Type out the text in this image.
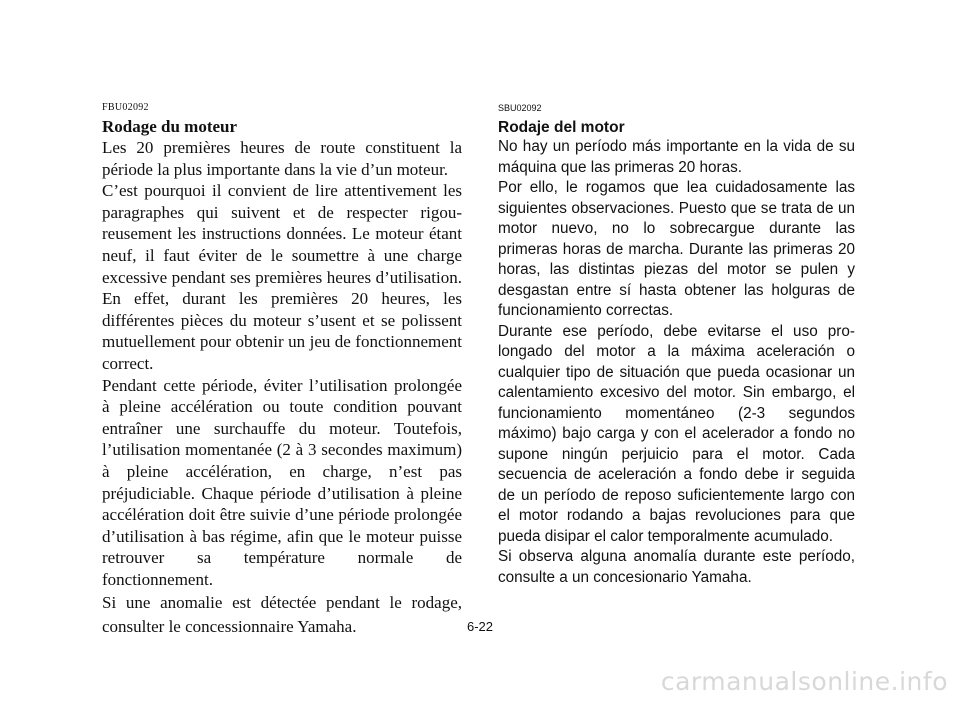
FBU02092
Rodage du moteur

Les 20 premières heures de route constituent la période la plus importante dans la vie d’un moteur.

C’est pourquoi il convient de lire attentivement les paragraphes qui suivent et de respecter rigoureusement les instructions données. Le moteur étant neuf, il faut éviter de le soumettre à une charge excessive pendant ses premières heures d’utilisation. En effet, durant les premières 20 heures, les différentes pièces du moteur s’usent et se polissent mutuellement pour obtenir un jeu de fonctionnement correct.

Pendant cette période, éviter l’utilisation prolongée à pleine accélération ou toute condition pouvant entraîner une surchauffe du moteur. Toutefois, l’utilisation momentanée (2 à 3 secondes maximum) à pleine accélération, en charge, n’est pas préjudiciable. Chaque période d’utilisation à pleine accélération doit être suivie d’une période prolongée d’utilisation à bas régime, afin que le moteur puisse retrouver sa température normale de fonctionnement.

Si une anomalie est détectée pendant le rodage, consulter le concessionnaire Yamaha.

SBU02092
Rodaje del motor

No hay un período más importante en la vida de su máquina que las primeras 20 horas.

Por ello, le rogamos que lea cuidadosamente las siguientes observaciones. Puesto que se trata de un motor nuevo, no lo sobrecargue durante las primeras horas de marcha. Durante las primeras 20 horas, las distintas piezas del motor se pulen y desgastan entre sí hasta obtener las holguras de funcionamiento correctas.

Durante ese período, debe evitarse el uso prolongado del motor a la máxima aceleración o cualquier tipo de situación que pueda ocasionar un calentamiento excesivo del motor. Sin embargo, el funcionamiento momentáneo (2-3 segundos máximo) bajo carga y con el acelerador a fondo no supone ningún perjuicio para el motor. Cada secuencia de aceleración a fondo debe ir seguida de un período de reposo suficientemente largo con el motor rodando a bajas revoluciones para que pueda disipar el calor temporalmente acumulado.

Si observa alguna anomalía durante este período, consulte a un concesionario Yamaha.

6-22
carmanualsonline.info
